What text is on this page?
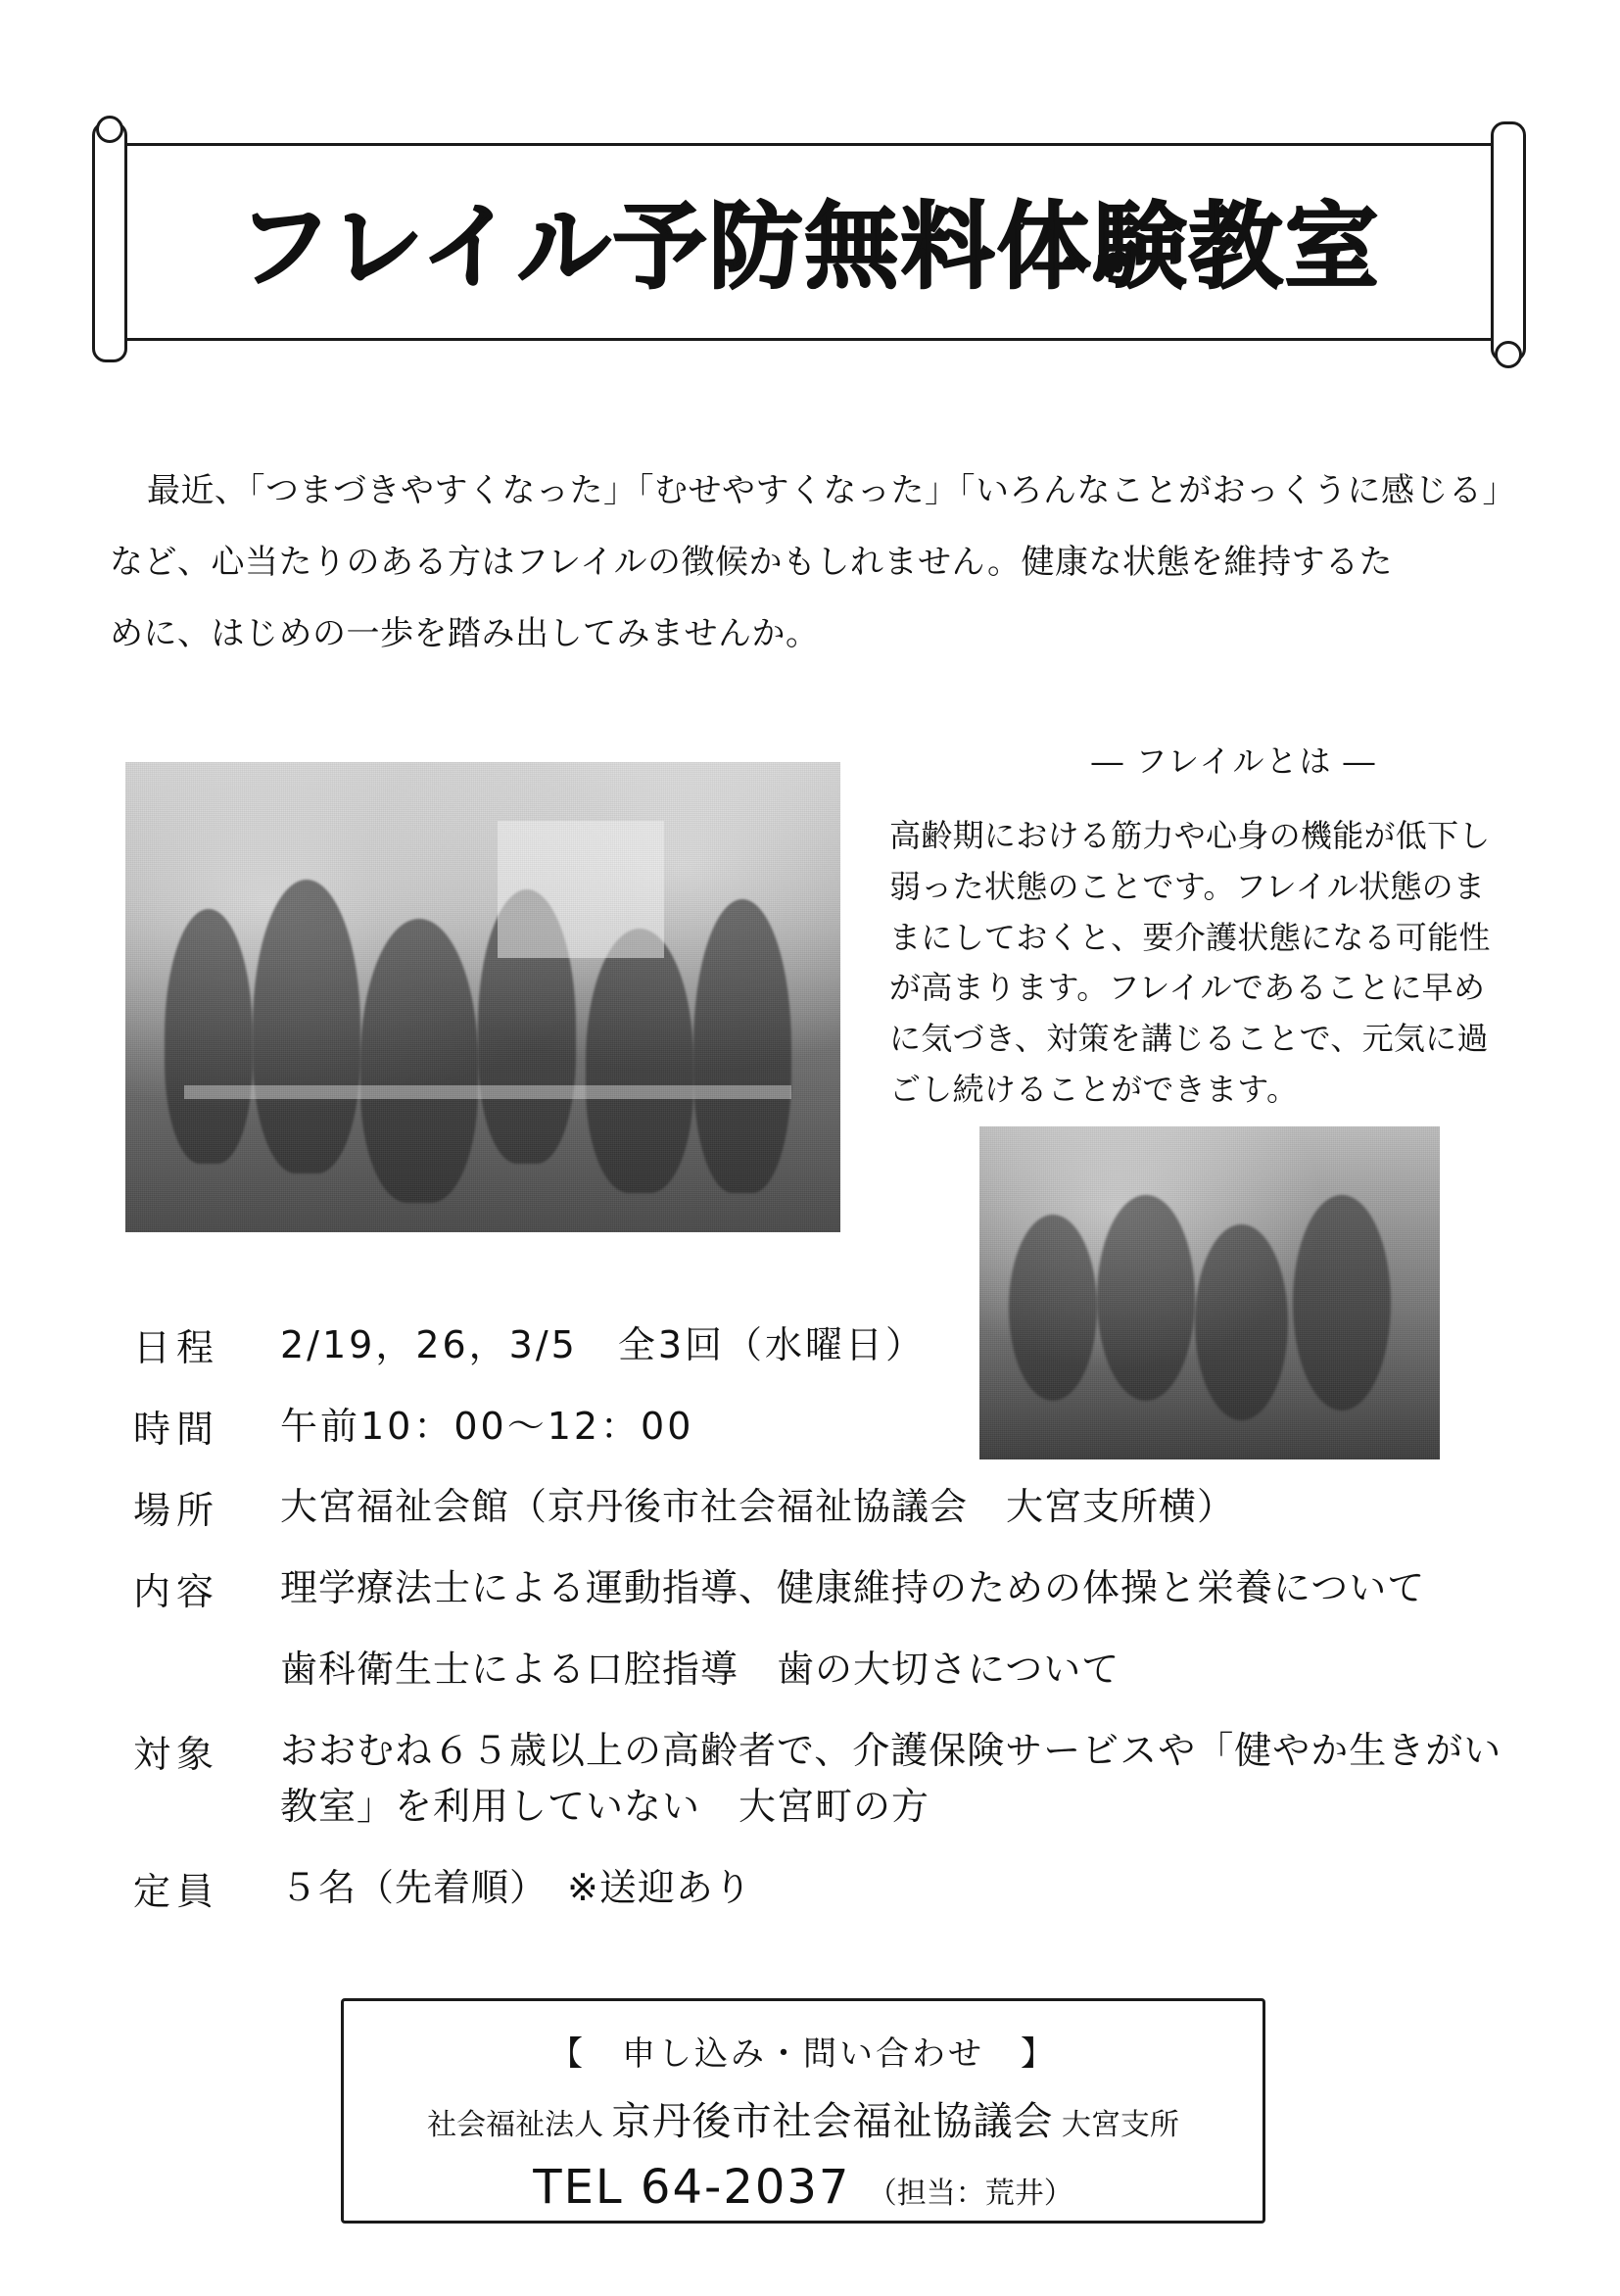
フレイル予防無料体験教室

最近、「つまづきやすくなった」「むせやすくなった」「いろんなことがおっくうに感じる」

など、心当たりのある方はフレイルの徴候かもしれません。健康な状態を維持するた

めに、はじめの一歩を踏み出してみませんか。

― フレイルとは ―
高齢期における筋力や心身の機能が低下し弱った状態のことです。フレイル状態のままにしておくと、要介護状態になる可能性が高まります。フレイルであることに早めに気づき、対策を講じることで、元気に過ごし続けることができます。
日程	2/19，26，3/5　全3回（水曜日）
時間	午前10：00～12：00
場所	大宮福祉会館（京丹後市社会福祉協議会　大宮支所横）
内容	理学療法士による運動指導、健康維持のための体操と栄養について
歯科衛生士による口腔指導　歯の大切さについて
対象	おおむね６５歳以上の高齢者で、介護保険サービスや「健やか生きがい教室」を利用していない　大宮町の方
定員	５名（先着順）　※送迎あり
【　申し込み・問い合わせ　】
社会福祉法人 京丹後市社会福祉協議会 大宮支所
TEL 64-2037 （担当：荒井）
